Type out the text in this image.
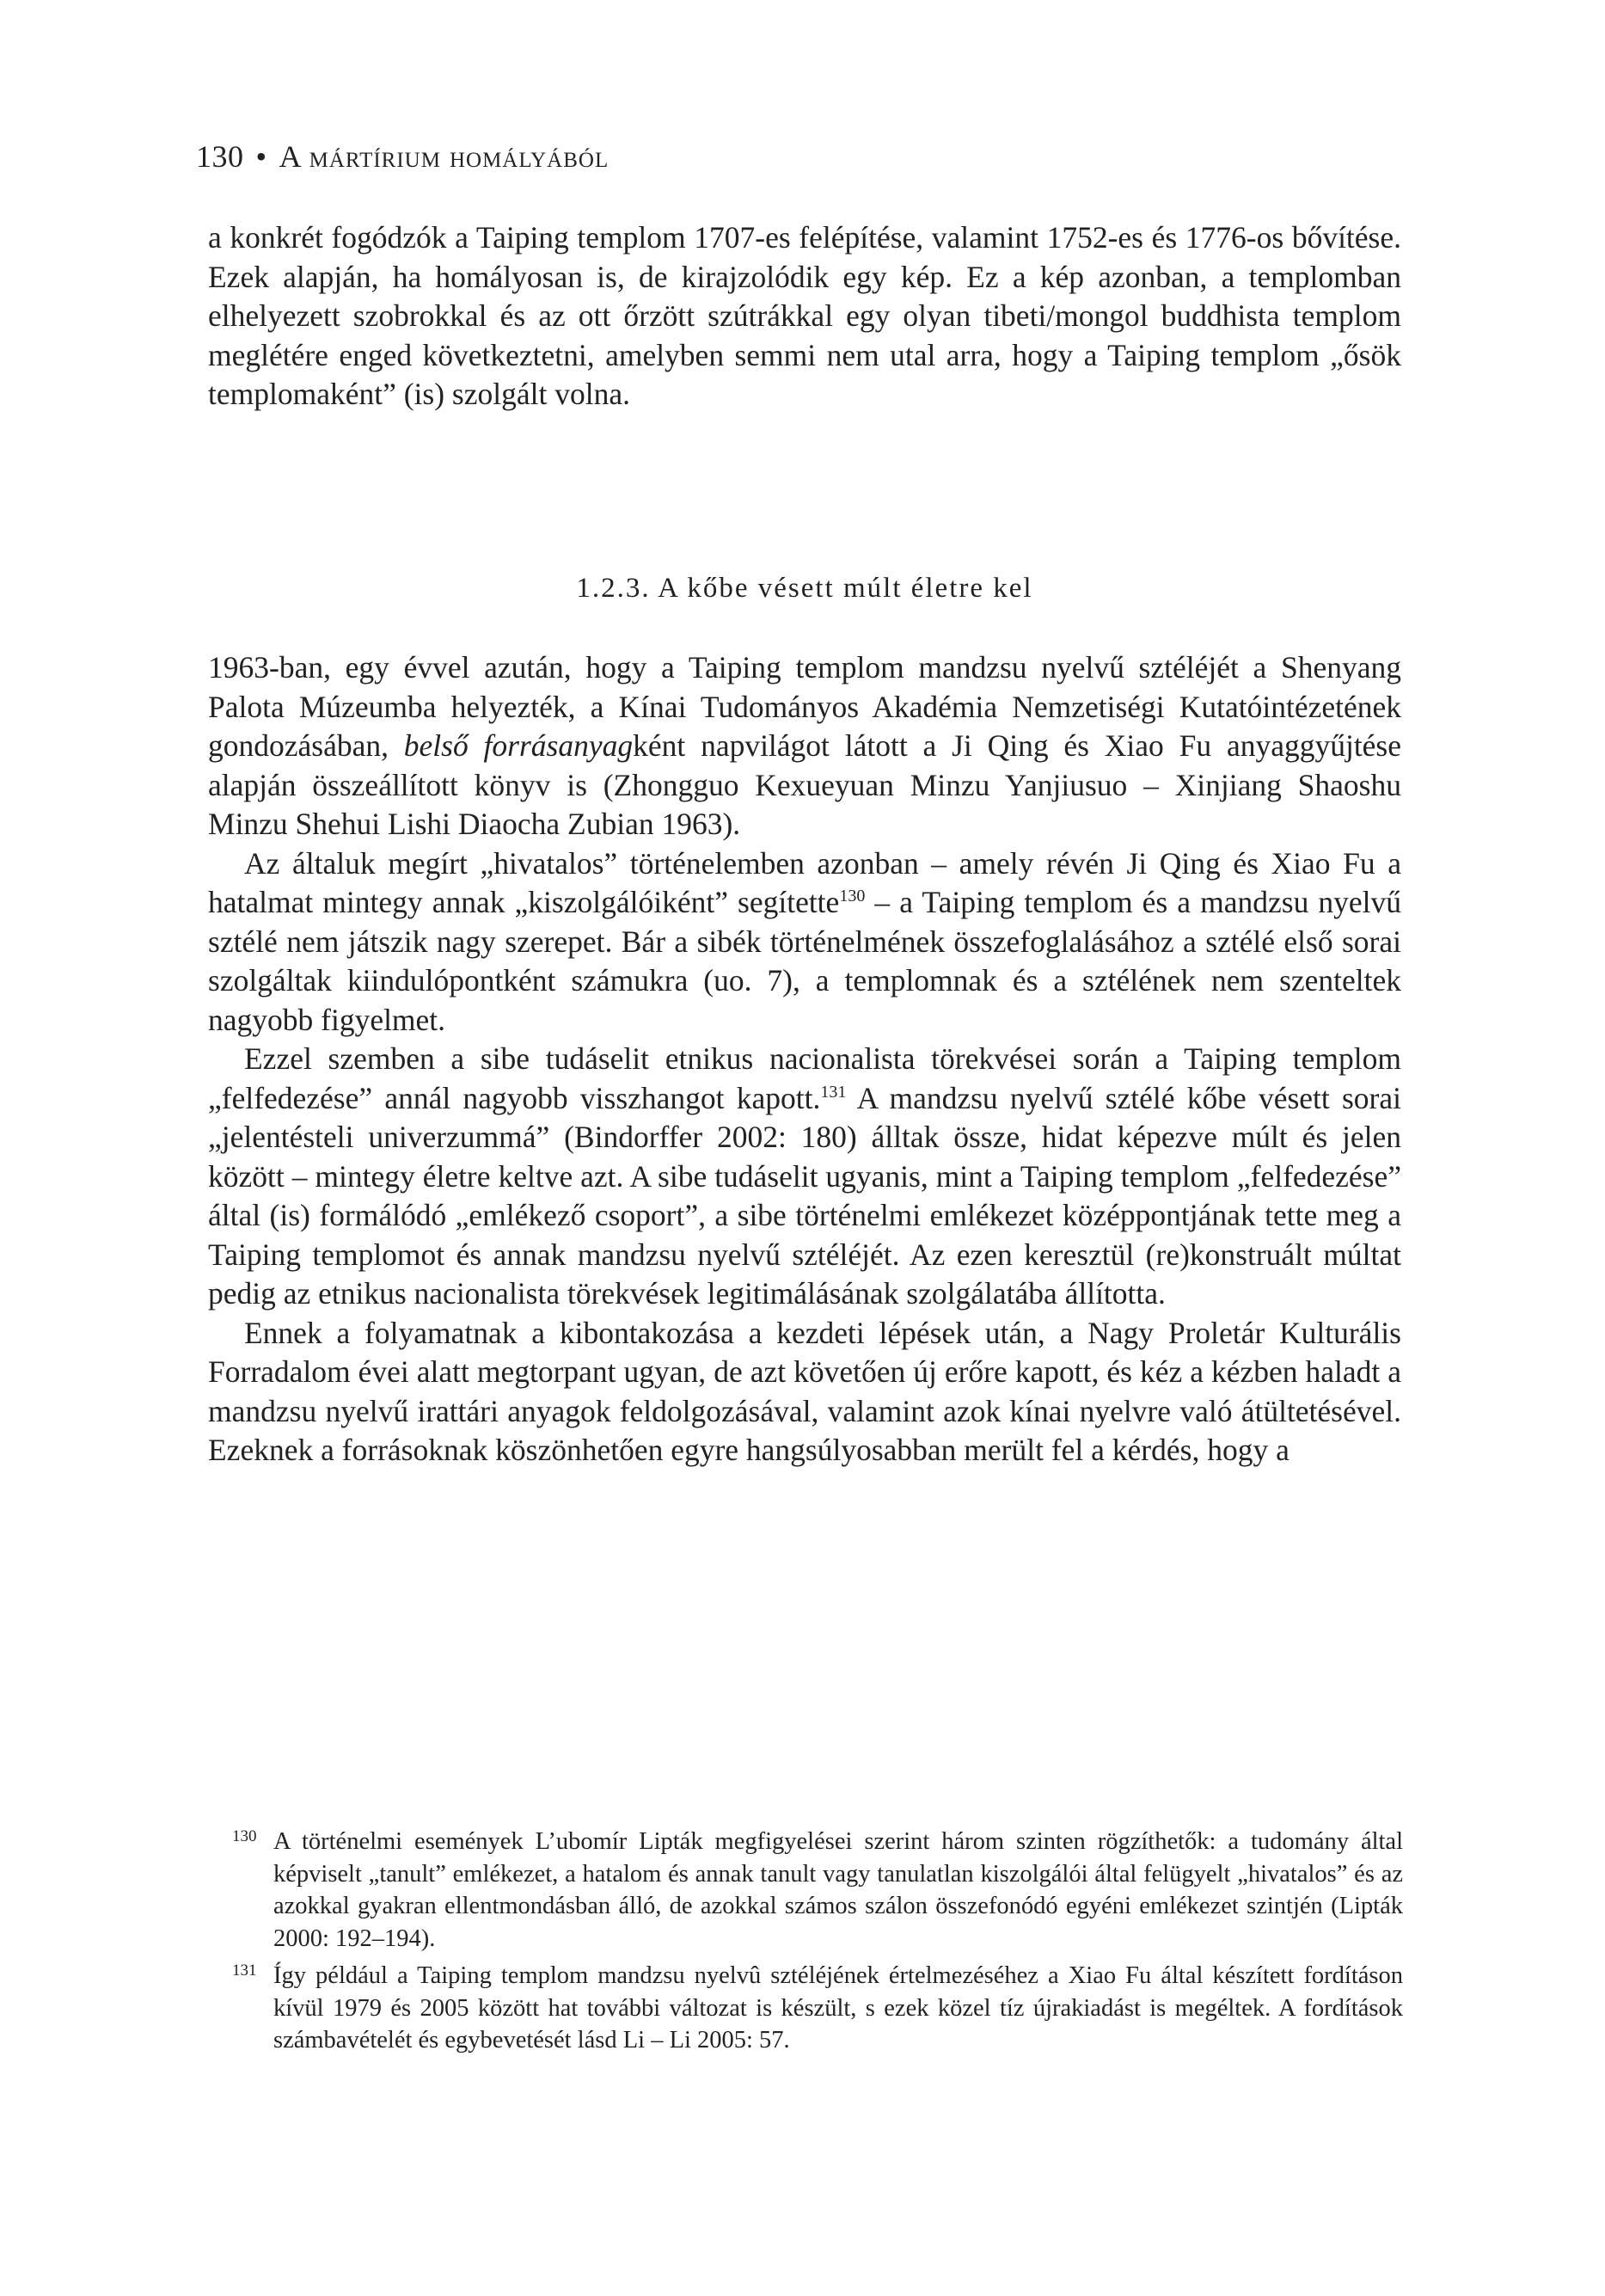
130 • A mártírium homályából

a konkrét fogódzók a Taiping templom 1707-es felépítése, valamint 1752-es és 1776-os bővítése. Ezek alapján, ha homályosan is, de kirajzolódik egy kép. Ez a kép azonban, a templomban elhelyezett szobrokkal és az ott őrzött szútrákkal egy olyan tibeti/mongol buddhista templom meglétére enged következtetni, amelyben semmi nem utal arra, hogy a Taiping templom „ősök templomaként” (is) szolgált volna.

1.2.3. A kőbe vésett múlt életre kel

1963-ban, egy évvel azután, hogy a Taiping templom mandzsu nyelvű sztéléjét a Shenyang Palota Múzeumba helyezték, a Kínai Tudományos Akadémia Nemzetiségi Kutatóintézetének gondozásában, belső forrásanyagként napvilágot látott a Ji Qing és Xiao Fu anyaggyűjtése alapján összeállított könyv is (Zhongguo Kexueyuan Minzu Yanjiusuo – Xinjiang Shaoshu Minzu Shehui Lishi Diaocha Zubian 1963).

Az általuk megírt „hivatalos” történelemben azonban – amely révén Ji Qing és Xiao Fu a hatalmat mintegy annak „kiszolgálóiként” segítette$^{130}$ – a Taiping templom és a mandzsu nyelvű sztélé nem játszik nagy szerepet. Bár a sibék történelmének összefoglalásához a sztélé első sorai szolgáltak kiindulópontként számukra (uo. 7), a templomnak és a sztélének nem szenteltek nagyobb figyelmet.

Ezzel szemben a sibe tudáselit etnikus nacionalista törekvései során a Taiping templom „felfedezése” annál nagyobb visszhangot kapott.$^{131}$ A mandzsu nyelvű sztélé kőbe vésett sorai „jelentésteli univerzummá” (Bindorffer 2002: 180) álltak össze, hidat képezve múlt és jelen között – mintegy életre keltve azt. A sibe tudáselit ugyanis, mint a Taiping templom „felfedezése” által (is) formálódó „emlékező csoport”, a sibe történelmi emlékezet középpontjának tette meg a Taiping templomot és annak mandzsu nyelvű sztéléjét. Az ezen keresztül (re)konstruált múltat pedig az etnikus nacionalista törekvések legitimálásának szolgálatába állította.

Ennek a folyamatnak a kibontakozása a kezdeti lépések után, a Nagy Proletár Kulturális Forradalom évei alatt megtorpant ugyan, de azt követően új erőre kapott, és kéz a kézben haladt a mandzsu nyelvű irattári anyagok feldolgozásával, valamint azok kínai nyelvre való átültetésével. Ezeknek a forrásoknak köszönhetően egyre hangsúlyosabban merült fel a kérdés, hogy a

130 A történelmi események L’ubomír Lipták megfigyelései szerint három szinten rögzíthetők: a tudomány által képviselt „tanult” emlékezet, a hatalom és annak tanult vagy tanulatlan kiszolgálói által felügyelt „hivatalos” és az azokkal gyakran ellentmondásban álló, de azokkal számos szálon összefonódó egyéni emlékezet szintjén (Lipták 2000: 192–194).
131 Így például a Taiping templom mandzsu nyelvû sztéléjének értelmezéséhez a Xiao Fu által készített fordításon kívül 1979 és 2005 között hat további változat is készült, s ezek közel tíz újrakiadást is megéltek. A fordítások számbavételét és egybevetését lásd Li – Li 2005: 57.
